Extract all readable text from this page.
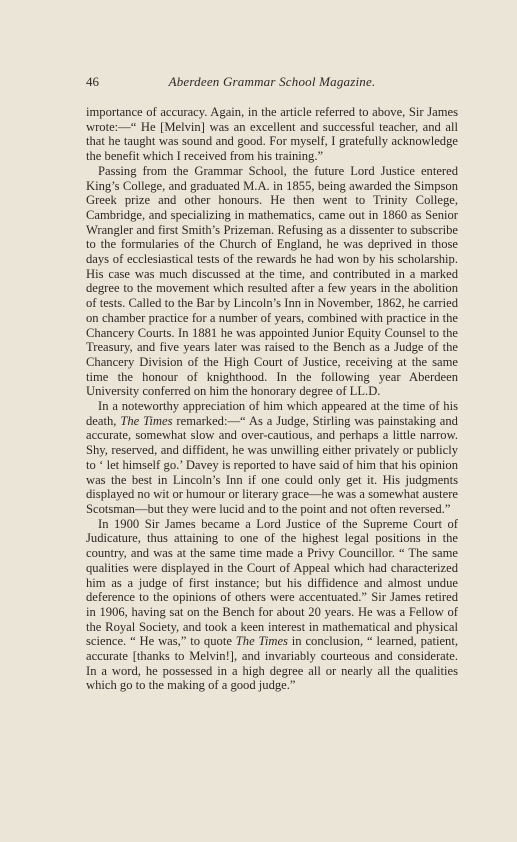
46	Aberdeen Grammar School Magazine.

importance of accuracy. Again, in the article referred to above, Sir James wrote:—“ He [Melvin] was an excellent and successful teacher, and all that he taught was sound and good. For myself, I gratefully acknowledge the benefit which I received from his training.”

Passing from the Grammar School, the future Lord Justice entered King’s College, and graduated M.A. in 1855, being awarded the Simpson Greek prize and other honours. He then went to Trinity College, Cambridge, and specializing in mathematics, came out in 1860 as Senior Wrangler and first Smith’s Prizeman. Refusing as a dissenter to subscribe to the formularies of the Church of England, he was deprived in those days of ecclesiastical tests of the rewards he had won by his scholarship. His case was much discussed at the time, and contributed in a marked degree to the movement which resulted after a few years in the abolition of tests. Called to the Bar by Lincoln’s Inn in November, 1862, he carried on chamber practice for a number of years, combined with practice in the Chancery Courts. In 1881 he was appointed Junior Equity Counsel to the Treasury, and five years later was raised to the Bench as a Judge of the Chancery Division of the High Court of Justice, receiving at the same time the honour of knighthood. In the following year Aberdeen University conferred on him the honorary degree of LL.D.

In a noteworthy appreciation of him which appeared at the time of his death, The Times remarked:—“ As a Judge, Stirling was painstaking and accurate, somewhat slow and over-cautious, and perhaps a little narrow. Shy, reserved, and diffident, he was unwilling either privately or publicly to ‘ let himself go.’ Davey is reported to have said of him that his opinion was the best in Lincoln’s Inn if one could only get it. His judgments displayed no wit or humour or literary grace—he was a somewhat austere Scotsman—but they were lucid and to the point and not often reversed.”

In 1900 Sir James became a Lord Justice of the Supreme Court of Judicature, thus attaining to one of the highest legal positions in the country, and was at the same time made a Privy Councillor. “ The same qualities were displayed in the Court of Appeal which had characterized him as a judge of first instance; but his diffidence and almost undue deference to the opinions of others were accentuated.” Sir James retired in 1906, having sat on the Bench for about 20 years. He was a Fellow of the Royal Society, and took a keen interest in mathematical and physical science. “ He was,” to quote The Times in conclusion, “ learned, patient, accurate [thanks to Melvin!], and invariably courteous and considerate. In a word, he possessed in a high degree all or nearly all the qualities which go to the making of a good judge.”
